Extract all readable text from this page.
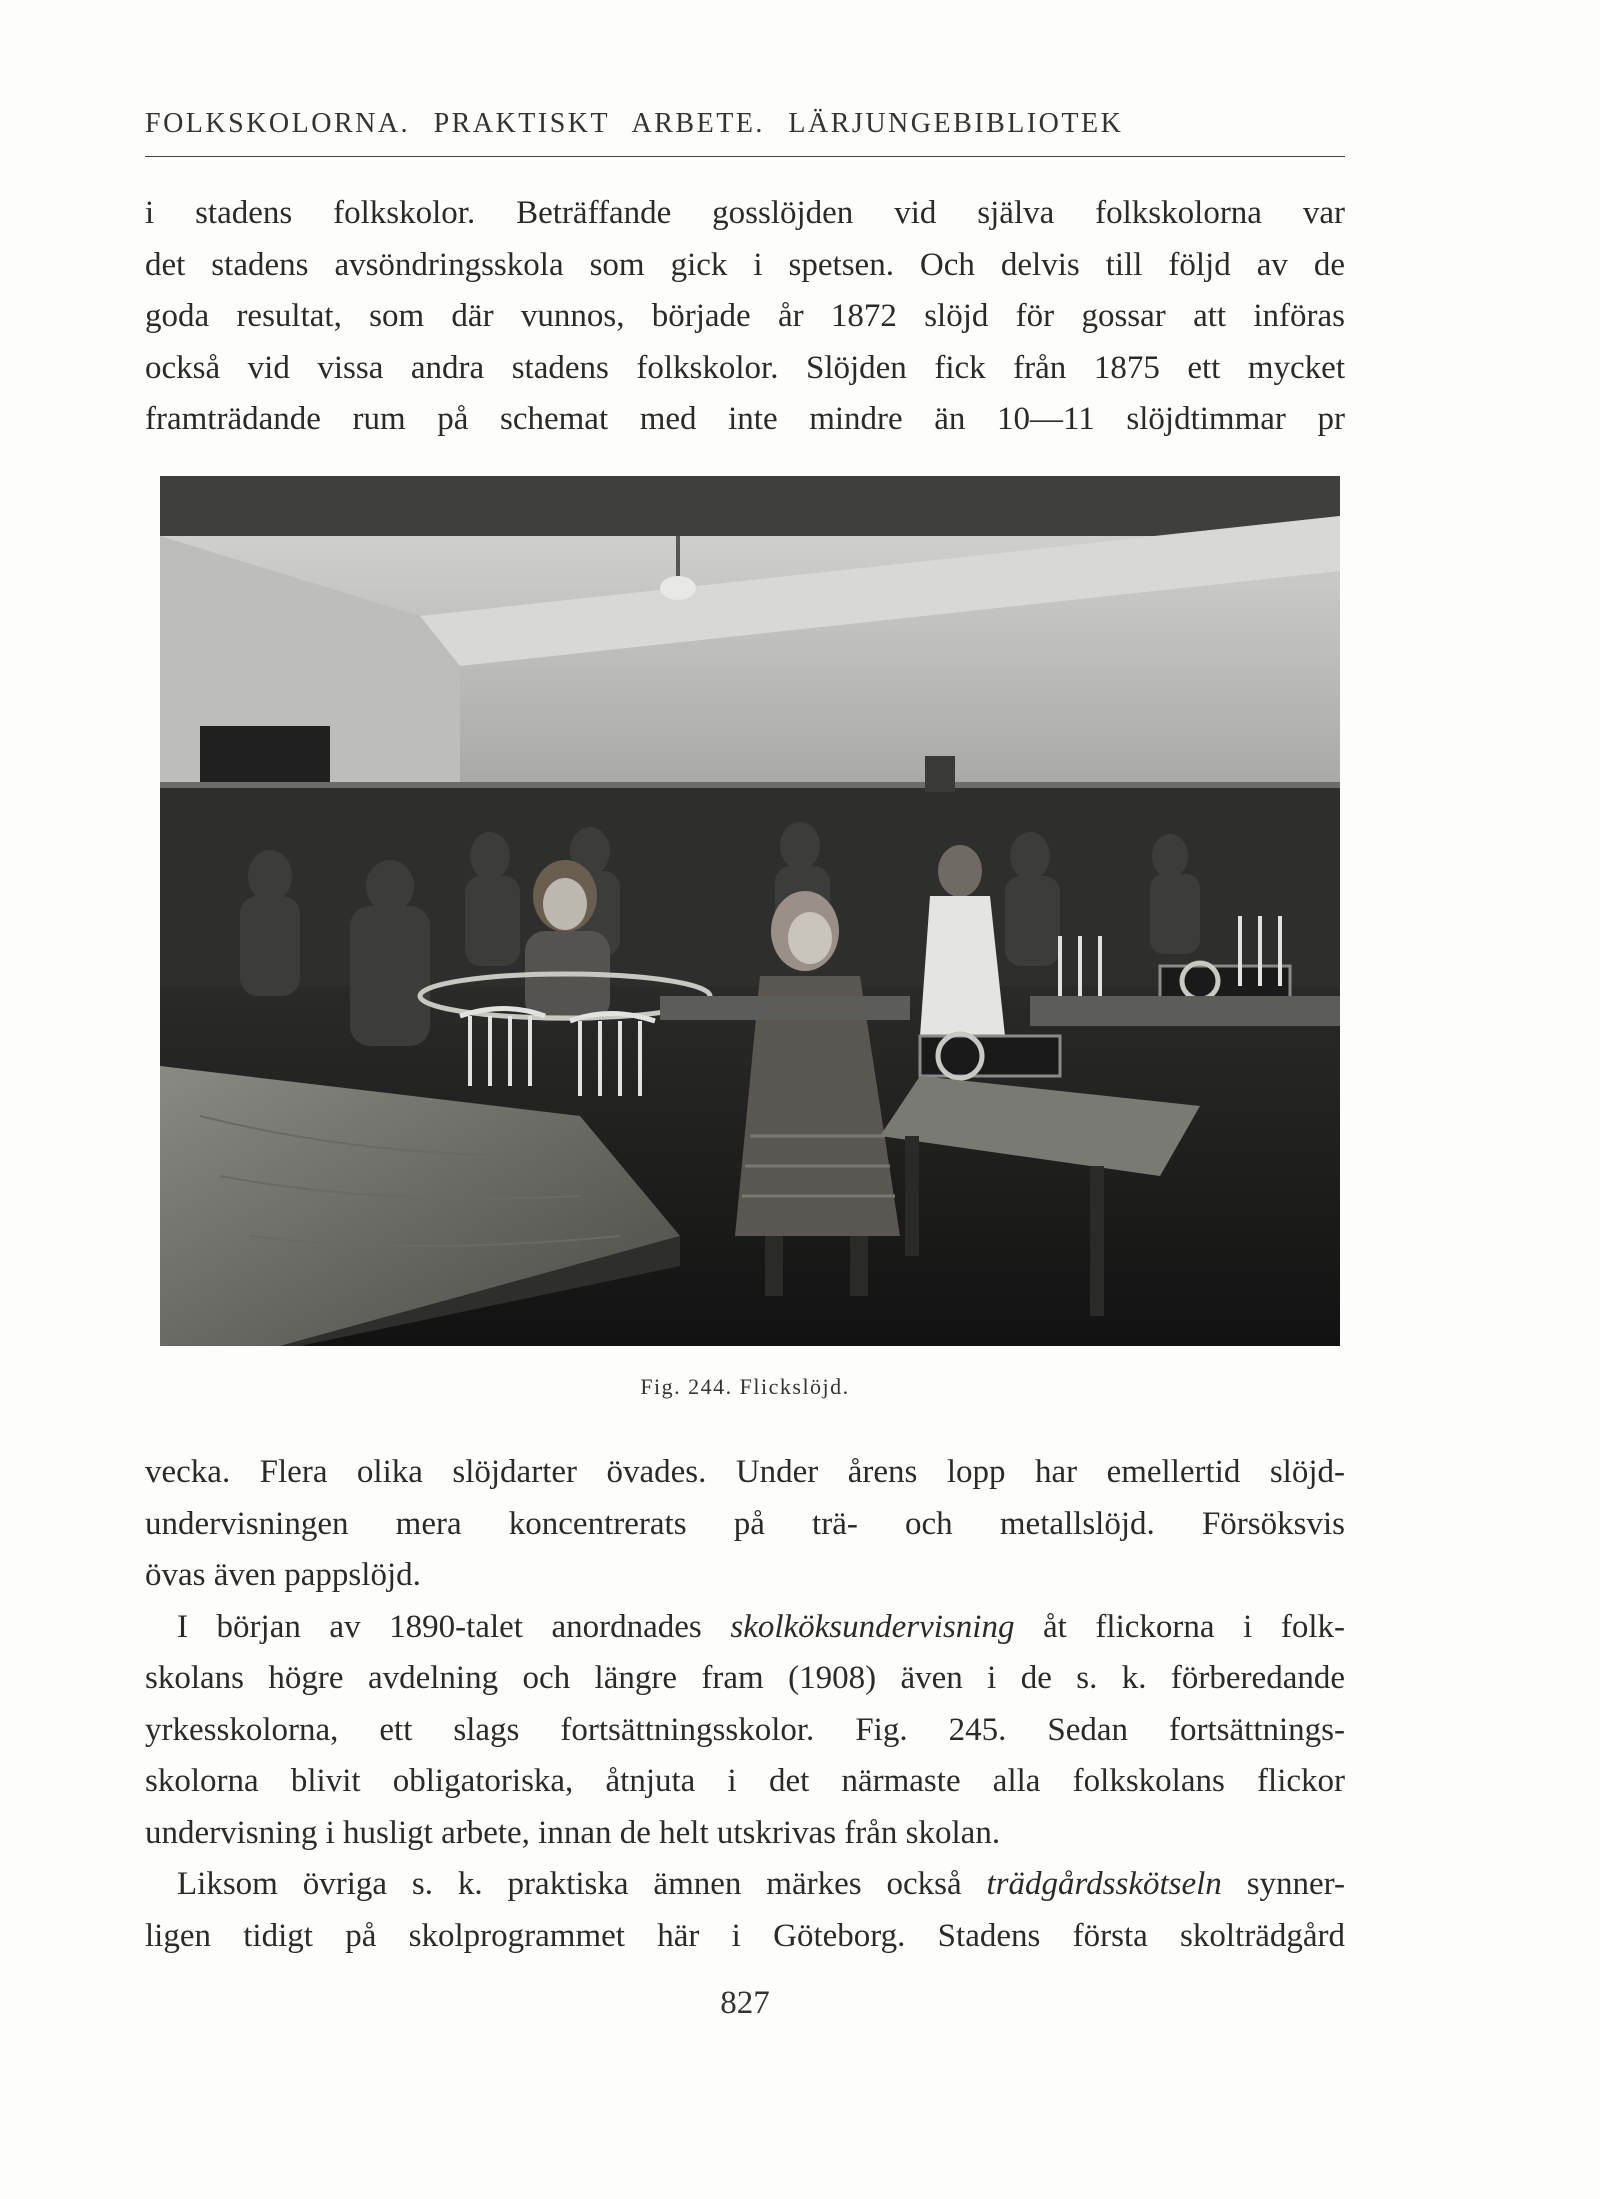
FOLKSKOLORNA. PRAKTISKT ARBETE. LÄRJUNGEBIBLIOTEK

i stadens folkskolor. Beträffande gosslöjden vid själva folkskolorna var
det stadens avsöndringsskola som gick i spetsen. Och delvis till följd av de
goda resultat, som där vunnos, började år 1872 slöjd för gossar att införas
också vid vissa andra stadens folkskolor. Slöjden fick från 1875 ett mycket
framträdande rum på schemat med inte mindre än 10—11 slöjdtimmar pr

Fig. 244. Flickslöjd.

vecka. Flera olika slöjdarter övades. Under årens lopp har emellertid slöjd-
undervisningen mera koncentrerats på trä- och metallslöjd. Försöksvis
övas även pappslöjd.
I början av 1890-talet anordnades skolköksundervisning åt flickorna i folk-
skolans högre avdelning och längre fram (1908) även i de s. k. förberedande
yrkesskolorna, ett slags fortsättningsskolor. Fig. 245. Sedan fortsättnings-
skolorna blivit obligatoriska, åtnjuta i det närmaste alla folkskolans flickor
undervisning i husligt arbete, innan de helt utskrivas från skolan.
Liksom övriga s. k. praktiska ämnen märkes också trädgårdsskötseln synner-
ligen tidigt på skolprogrammet här i Göteborg. Stadens första skolträdgård

827
